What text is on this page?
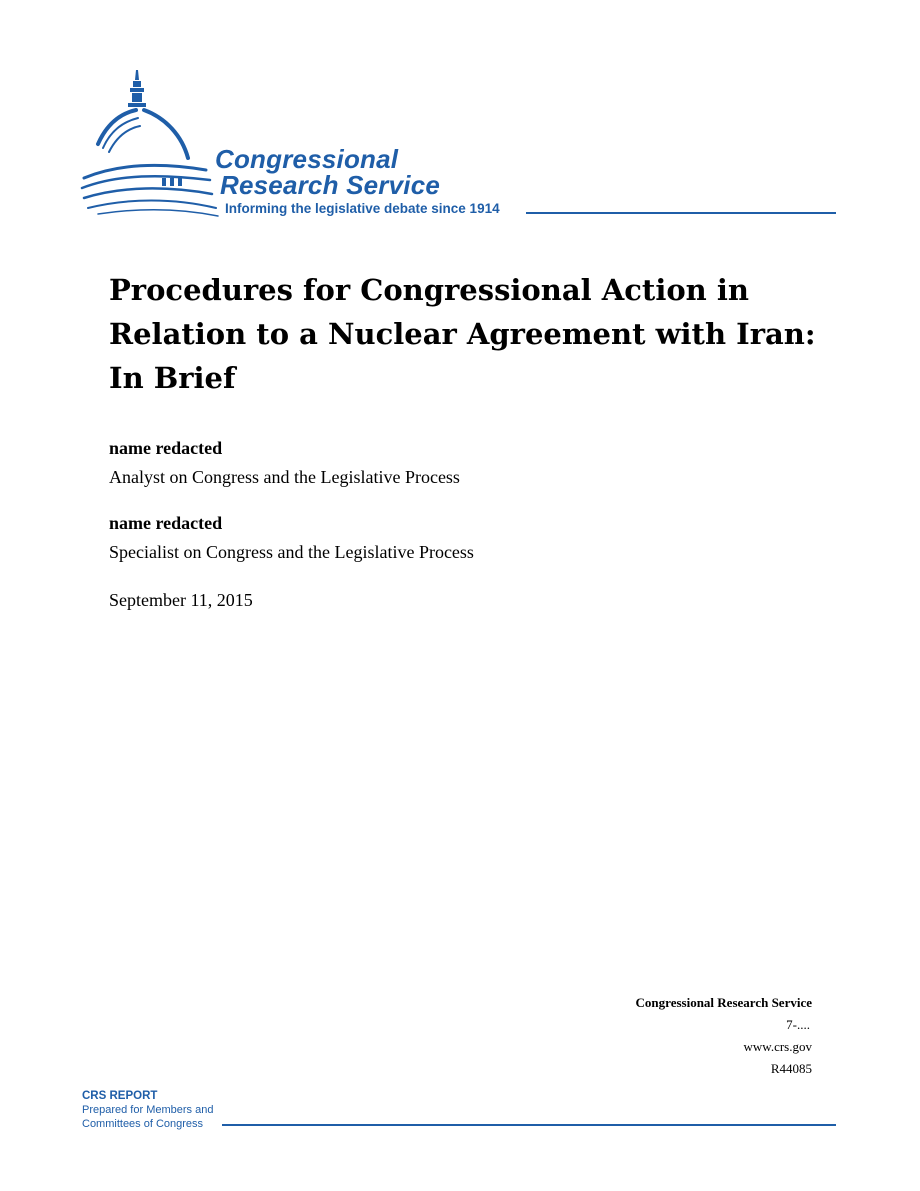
Congressional
Research Service
Informing the legislative debate since 1914
Procedures for Congressional Action in Relation to a Nuclear Agreement with Iran: In Brief
name redacted
Analyst on Congress and the Legislative Process
name redacted
Specialist on Congress and the Legislative Process
September 11, 2015
Congressional Research Service
7-....
www.crs.gov
R44085
CRS REPORT
Prepared for Members and
Committees of Congress
